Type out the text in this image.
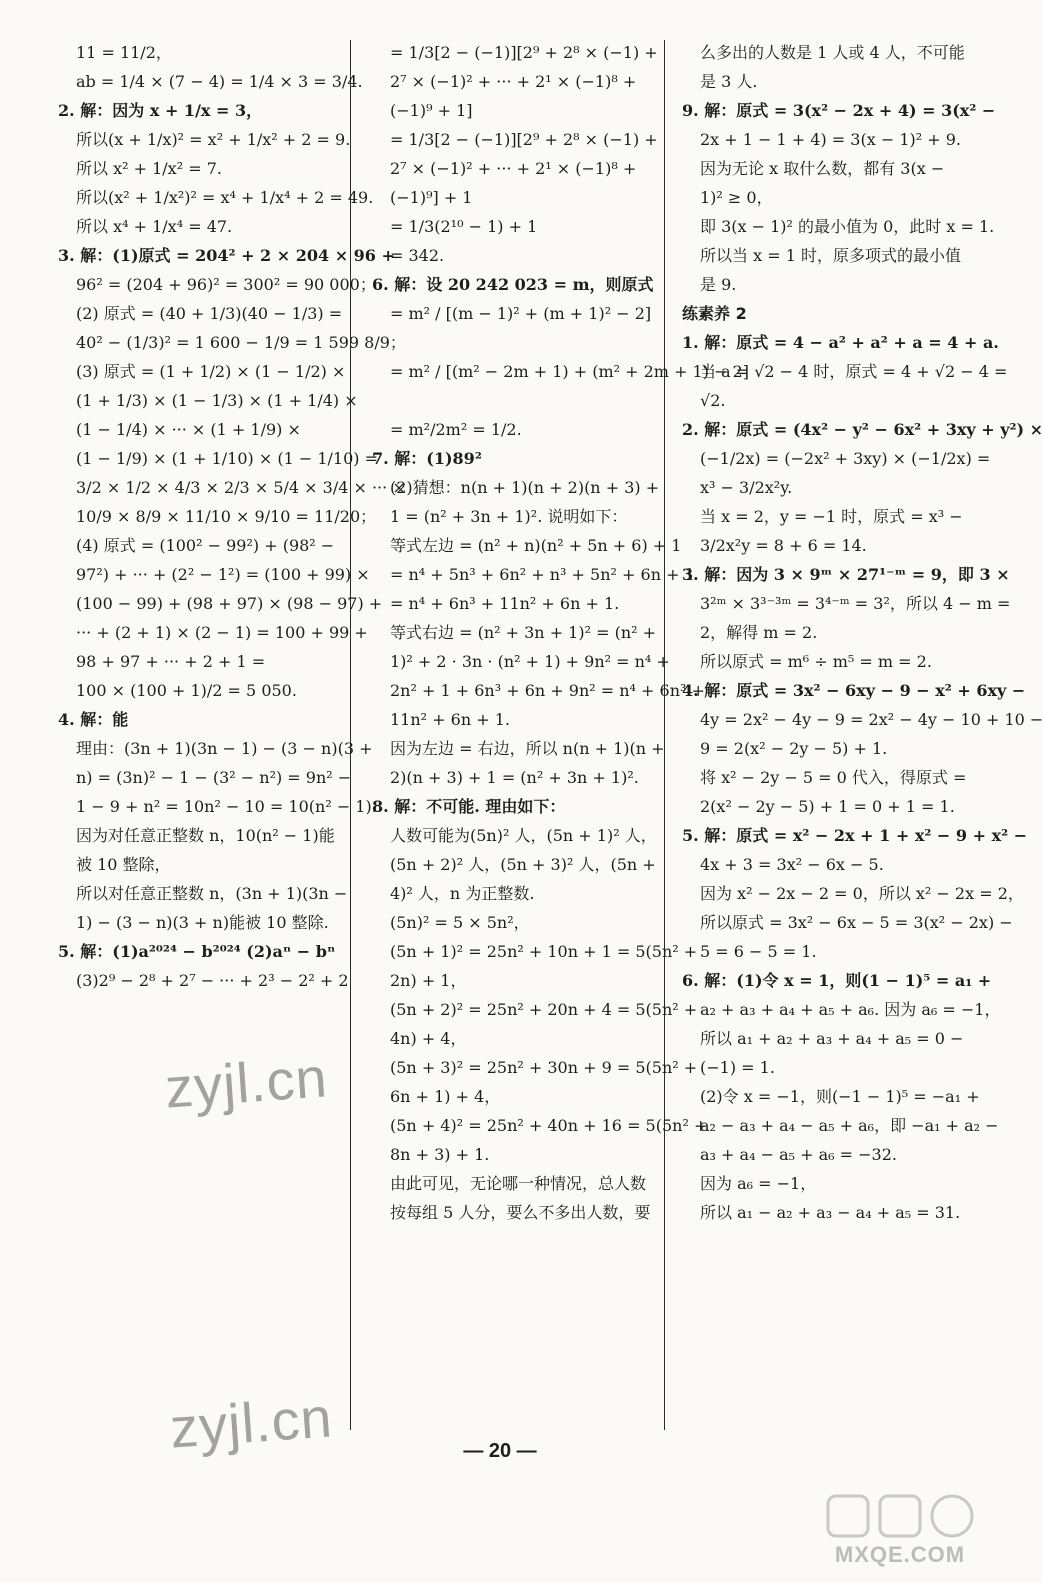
11 = 11/2，
ab = 1/4 × (7 − 4) = 1/4 × 3 = 3/4.
2. 解：因为 x + 1/x = 3，
所以(x + 1/x)² = x² + 1/x² + 2 = 9.
所以 x² + 1/x² = 7.
所以(x² + 1/x²)² = x⁴ + 1/x⁴ + 2 = 49.
所以 x⁴ + 1/x⁴ = 47.
3. 解：(1)原式 = 204² + 2 × 204 × 96 +
96² = (204 + 96)² = 300² = 90 000；
(2) 原式 = (40 + 1/3)(40 − 1/3) =
40² − (1/3)² = 1 600 − 1/9 = 1 599 8/9；
(3) 原式 = (1 + 1/2) × (1 − 1/2) ×
(1 + 1/3) × (1 − 1/3) × (1 + 1/4) ×
(1 − 1/4) × ··· × (1 + 1/9) ×
(1 − 1/9) × (1 + 1/10) × (1 − 1/10) =
3/2 × 1/2 × 4/3 × 2/3 × 5/4 × 3/4 × ··· ×
10/9 × 8/9 × 11/10 × 9/10 = 11/20；
(4) 原式 = (100² − 99²) + (98² −
97²) + ··· + (2² − 1²) = (100 + 99) ×
(100 − 99) + (98 + 97) × (98 − 97) +
··· + (2 + 1) × (2 − 1) = 100 + 99 +
98 + 97 + ··· + 2 + 1 =
100 × (100 + 1)/2 = 5 050.
4. 解：能
理由：(3n + 1)(3n − 1) − (3 − n)(3 +
n) = (3n)² − 1 − (3² − n²) = 9n² −
1 − 9 + n² = 10n² − 10 = 10(n² − 1).
因为对任意正整数 n，10(n² − 1)能
被 10 整除，
所以对任意正整数 n，(3n + 1)(3n −
1) − (3 − n)(3 + n)能被 10 整除.
5. 解：(1)a²⁰²⁴ − b²⁰²⁴ (2)aⁿ − bⁿ
(3)2⁹ − 2⁸ + 2⁷ − ··· + 2³ − 2² + 2
= 1/3[2 − (−1)][2⁹ + 2⁸ × (−1) +
2⁷ × (−1)² + ··· + 2¹ × (−1)⁸ +
(−1)⁹ + 1]
= 1/3[2 − (−1)][2⁹ + 2⁸ × (−1) +
2⁷ × (−1)² + ··· + 2¹ × (−1)⁸ +
(−1)⁹] + 1
= 1/3(2¹⁰ − 1) + 1
= 342.
6. 解：设 20 242 023 = m，则原式
= m² / [(m − 1)² + (m + 1)² − 2]
= m² / [(m² − 2m + 1) + (m² + 2m + 1) − 2]
= m²/2m² = 1/2.
7. 解：(1)89²
(2)猜想：n(n + 1)(n + 2)(n + 3) +
1 = (n² + 3n + 1)². 说明如下：
等式左边 = (n² + n)(n² + 5n + 6) + 1
= n⁴ + 5n³ + 6n² + n³ + 5n² + 6n + 1
= n⁴ + 6n³ + 11n² + 6n + 1.
等式右边 = (n² + 3n + 1)² = (n² +
1)² + 2 · 3n · (n² + 1) + 9n² = n⁴ +
2n² + 1 + 6n³ + 6n + 9n² = n⁴ + 6n³ +
11n² + 6n + 1.
因为左边 = 右边，所以 n(n + 1)(n +
2)(n + 3) + 1 = (n² + 3n + 1)².
8. 解：不可能. 理由如下：
人数可能为(5n)² 人，(5n + 1)² 人，
(5n + 2)² 人，(5n + 3)² 人，(5n +
4)² 人，n 为正整数.
(5n)² = 5 × 5n²，
(5n + 1)² = 25n² + 10n + 1 = 5(5n² +
2n) + 1，
(5n + 2)² = 25n² + 20n + 4 = 5(5n² +
4n) + 4，
(5n + 3)² = 25n² + 30n + 9 = 5(5n² +
6n + 1) + 4，
(5n + 4)² = 25n² + 40n + 16 = 5(5n² +
8n + 3) + 1.
由此可见，无论哪一种情况，总人数
按每组 5 人分，要么不多出人数，要
么多出的人数是 1 人或 4 人，不可能
是 3 人.
9. 解：原式 = 3(x² − 2x + 4) = 3(x² −
2x + 1 − 1 + 4) = 3(x − 1)² + 9.
因为无论 x 取什么数，都有 3(x −
1)² ≥ 0，
即 3(x − 1)² 的最小值为 0，此时 x = 1.
所以当 x = 1 时，原多项式的最小值
是 9.
练素养 2
1. 解：原式 = 4 − a² + a² + a = 4 + a.
当 a = √2 − 4 时，原式 = 4 + √2 − 4 =
√2.
2. 解：原式 = (4x² − y² − 6x² + 3xy + y²) ×
(−1/2x) = (−2x² + 3xy) × (−1/2x) =
x³ − 3/2x²y.
当 x = 2，y = −1 时，原式 = x³ −
3/2x²y = 8 + 6 = 14.
3. 解：因为 3 × 9ᵐ × 27¹⁻ᵐ = 9，即 3 ×
3²ᵐ × 3³⁻³ᵐ = 3⁴⁻ᵐ = 3²，所以 4 − m =
2，解得 m = 2.
所以原式 = m⁶ ÷ m⁵ = m = 2.
4. 解：原式 = 3x² − 6xy − 9 − x² + 6xy −
4y = 2x² − 4y − 9 = 2x² − 4y − 10 + 10 −
9 = 2(x² − 2y − 5) + 1.
将 x² − 2y − 5 = 0 代入，得原式 =
2(x² − 2y − 5) + 1 = 0 + 1 = 1.
5. 解：原式 = x² − 2x + 1 + x² − 9 + x² −
4x + 3 = 3x² − 6x − 5.
因为 x² − 2x − 2 = 0，所以 x² − 2x = 2，
所以原式 = 3x² − 6x − 5 = 3(x² − 2x) −
5 = 6 − 5 = 1.
6. 解：(1)令 x = 1，则(1 − 1)⁵ = a₁ +
a₂ + a₃ + a₄ + a₅ + a₆. 因为 a₆ = −1，
所以 a₁ + a₂ + a₃ + a₄ + a₅ = 0 −
(−1) = 1.
(2)令 x = −1，则(−1 − 1)⁵ = −a₁ +
a₂ − a₃ + a₄ − a₅ + a₆，即 −a₁ + a₂ −
a₃ + a₄ − a₅ + a₆ = −32.
因为 a₆ = −1，
所以 a₁ − a₂ + a₃ − a₄ + a₅ = 31.
— 20 —
zyjl.cn
zyjl.cn
MXQE.COM
